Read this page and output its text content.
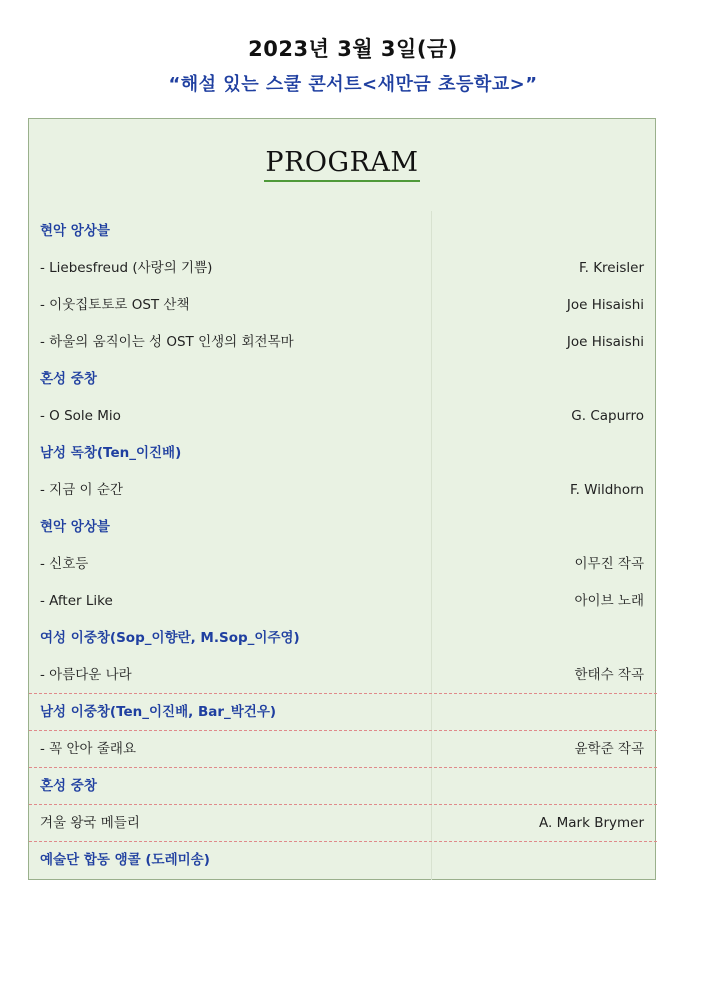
2023년 3월 3일(금)
“해설 있는 스쿨 콘서트<새만금 초등학교>”
PROGRAM
현악 앙상블
- Liebesfreud (사랑의 기쁨)	F. Kreisler
- 이웃집토토로 OST 산책	Joe Hisaishi
- 하울의 움직이는 성 OST 인생의 회전목마	Joe Hisaishi
혼성 중창
- O Sole Mio	G. Capurro
남성 독창(Ten_이진배)
- 지금 이 순간	F. Wildhorn
현악 앙상블
- 신호등	이무진 작곡
- After Like	아이브 노래
여성 이중창(Sop_이향란, M.Sop_이주영)
- 아름다운 나라	한태수 작곡
남성 이중창(Ten_이진배, Bar_박건우)
- 꼭 안아 줄래요	윤학준 작곡
혼성 중창
겨울 왕국 메들리	A. Mark Brymer
예술단 합동 앵콜 (도레미송)
